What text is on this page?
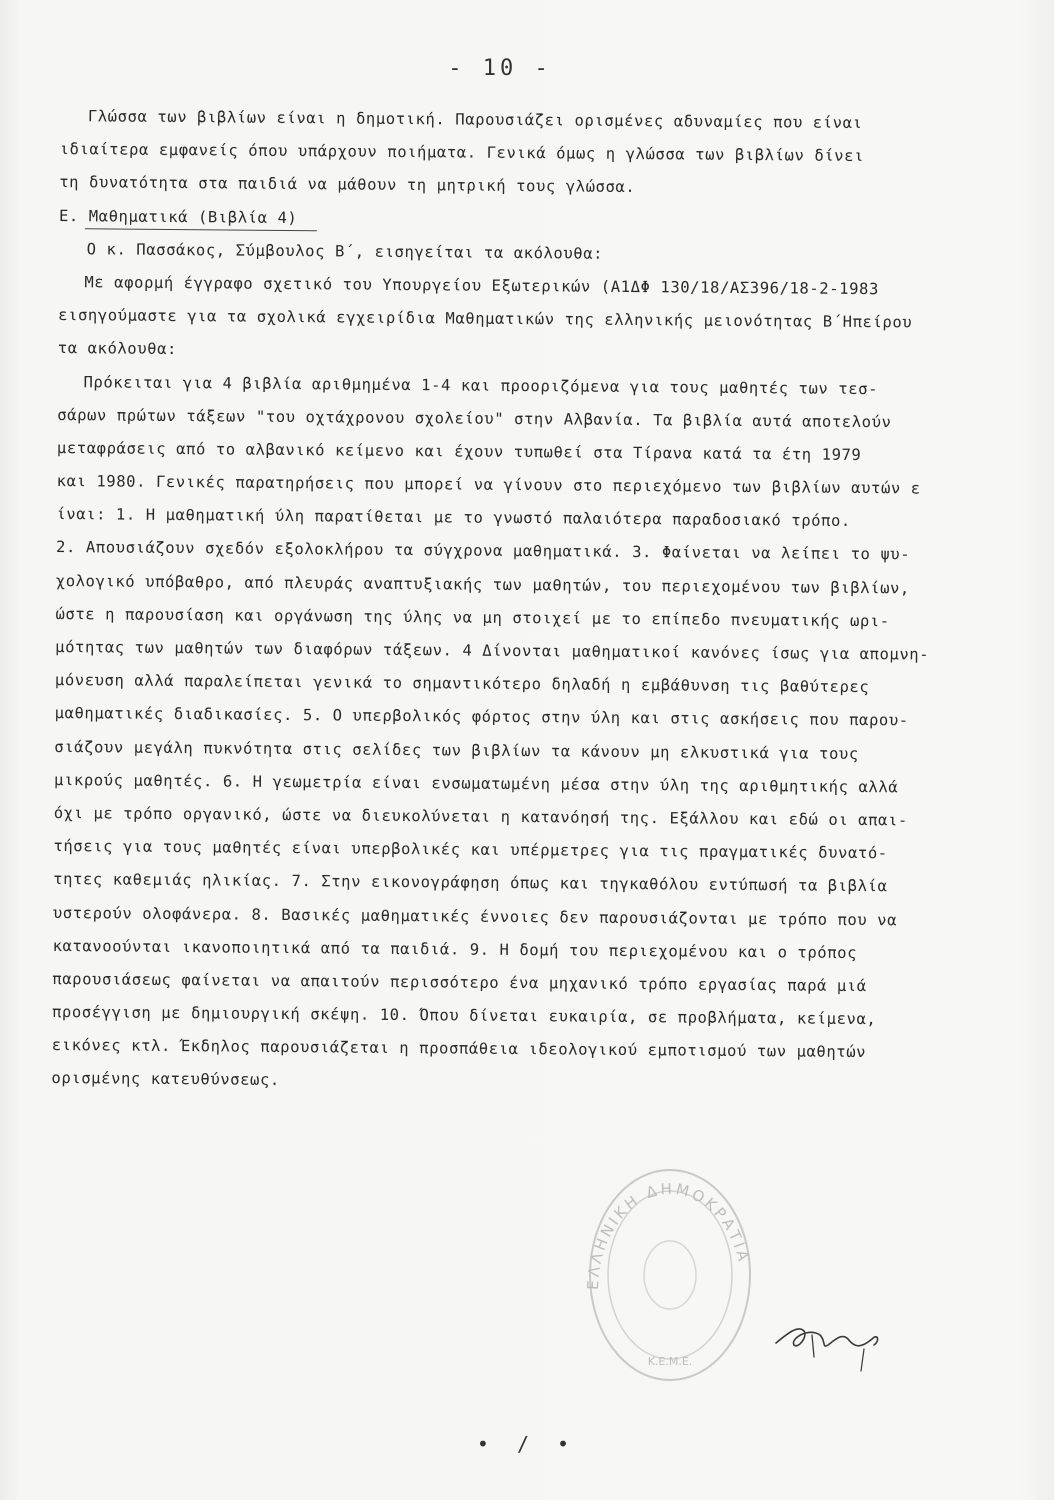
- 10 -
Γλώσσα των βιβλίων είναι η δημοτική. Παρουσιάζει ορισμένες αδυναμίες που είναι
ιδιαίτερα εμφανείς όπου υπάρχουν ποιήματα. Γενικά όμως η γλώσσα των βιβλίων δίνει
τη δυνατότητα στα παιδιά να μάθουν τη μητρική τους γλώσσα.
Ε. Μαθηματικά (Βιβλία 4)
Ο κ. Πασσάκος, Σύμβουλος Β΄, εισηγείται τα ακόλουθα:
Με αφορμή έγγραφο σχετικό του Υπουργείου Εξωτερικών (Α1ΔΦ 130/18/ΑΣ396/18-2-1983
εισηγούμαστε για τα σχολικά εγχειρίδια Μαθηματικών της ελληνικής μειονότητας Β΄Ηπείρου
τα ακόλουθα:
Πρόκειται για 4 βιβλία αριθμημένα 1-4 και προοριζόμενα για τους μαθητές των τεσ-
σάρων πρώτων τάξεων "του οχτάχρονου σχολείου" στην Αλβανία. Τα βιβλία αυτά αποτελούν
μεταφράσεις από το αλβανικό κείμενο και έχουν τυπωθεί στα Τίρανα κατά τα έτη 1979
και 1980. Γενικές παρατηρήσεις που μπορεί να γίνουν στο περιεχόμενο των βιβλίων αυτών ε
ίναι: 1. Η μαθηματική ύλη παρατίθεται με το γνωστό παλαιότερα παραδοσιακό τρόπο.
2. Απουσιάζουν σχεδόν εξολοκλήρου τα σύγχρονα μαθηματικά. 3. Φαίνεται να λείπει το ψυ-
χολογικό υπόβαθρο, από πλευράς αναπτυξιακής των μαθητών, του περιεχομένου των βιβλίων,
ώστε η παρουσίαση και οργάνωση της ύλης να μη στοιχεί με το επίπεδο πνευματικής ωρι-
μότητας των μαθητών των διαφόρων τάξεων. 4 Δίνονται μαθηματικοί κανόνες ίσως για απομνη-
μόνευση αλλά παραλείπεται γενικά το σημαντικότερο δηλαδή η εμβάθυνση τις βαθύτερες
μαθηματικές διαδικασίες. 5. Ο υπερβολικός φόρτος στην ύλη και στις ασκήσεις που παρου-
σιάζουν μεγάλη πυκνότητα στις σελίδες των βιβλίων τα κάνουν μη ελκυστικά για τους
μικρούς μαθητές. 6. Η γεωμετρία είναι ενσωματωμένη μέσα στην ύλη της αριθμητικής αλλά
όχι με τρόπο οργανικό, ώστε να διευκολύνεται η κατανόησή της. Εξάλλου και εδώ οι απαι-
τήσεις για τους μαθητές είναι υπερβολικές και υπέρμετρες για τις πραγματικές δυνατό-
τητες καθεμιάς ηλικίας. 7. Στην εικονογράφηση όπως και τηγκαθόλου εντύπωσή τα βιβλία
υστερούν ολοφάνερα. 8. Βασικές μαθηματικές έννοιες δεν παρουσιάζονται με τρόπο που να
κατανοούνται ικανοποιητικά από τα παιδιά. 9. Η δομή του περιεχομένου και ο τρόπος
παρουσιάσεως φαίνεται να απαιτούν περισσότερο ένα μηχανικό τρόπο εργασίας παρά μιά
προσέγγιση με δημιουργική σκέψη. 10. Όπου δίνεται ευκαιρία, σε προβλήματα, κείμενα,
εικόνες κτλ. Έκδηλος παρουσιάζεται η προσπάθεια ιδεολογικού εμποτισμού των μαθητών
ορισμένης κατευθύνσεως.
ΕΛΛΗΝΙΚΗ ΔΗΜΟΚΡΑΤΙΑ
Κ.Ε.Μ.Ε.
• / •
